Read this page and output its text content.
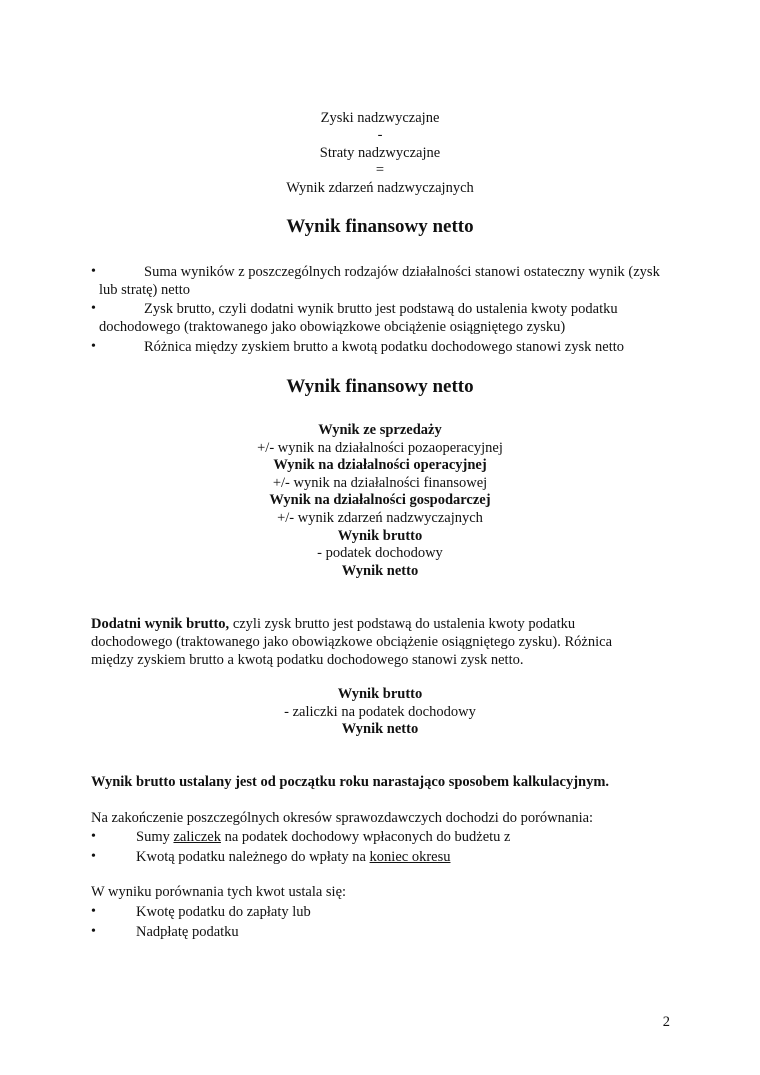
Zyski nadzwyczajne
-
Straty nadzwyczajne
=
Wynik zdarzeń nadzwyczajnych
Wynik finansowy netto
•	Suma wyników z poszczególnych rodzajów działalności stanowi ostateczny wynik (zysk lub stratę) netto
•	Zysk brutto, czyli dodatni wynik brutto jest podstawą do ustalenia kwoty podatku dochodowego (traktowanego jako obowiązkowe obciążenie osiągniętego zysku)
•	Różnica między zyskiem brutto a kwotą podatku dochodowego stanowi zysk netto
Wynik finansowy netto
Wynik ze sprzedaży
+/- wynik na działalności pozaoperacyjnej
Wynik na działalności operacyjnej
+/- wynik na działalności finansowej
Wynik na działalności gospodarczej
+/- wynik zdarzeń nadzwyczajnych
Wynik brutto
- podatek dochodowy
Wynik netto
Dodatni wynik brutto, czyli zysk brutto jest podstawą do ustalenia kwoty podatku dochodowego (traktowanego jako obowiązkowe obciążenie osiągniętego zysku). Różnica między zyskiem brutto a kwotą podatku dochodowego stanowi zysk netto.
Wynik brutto
- zaliczki na podatek dochodowy
Wynik netto
Wynik brutto ustalany jest od początku roku narastająco sposobem kalkulacyjnym.
Na zakończenie poszczególnych okresów sprawozdawczych dochodzi do porównania:
•	Sumy zaliczek na podatek dochodowy wpłaconych do budżetu z
•	Kwotą podatku należnego do wpłaty na koniec okresu
W wyniku porównania tych kwot ustala się:
•	Kwotę podatku do zapłaty lub
•	Nadpłatę podatku
2
